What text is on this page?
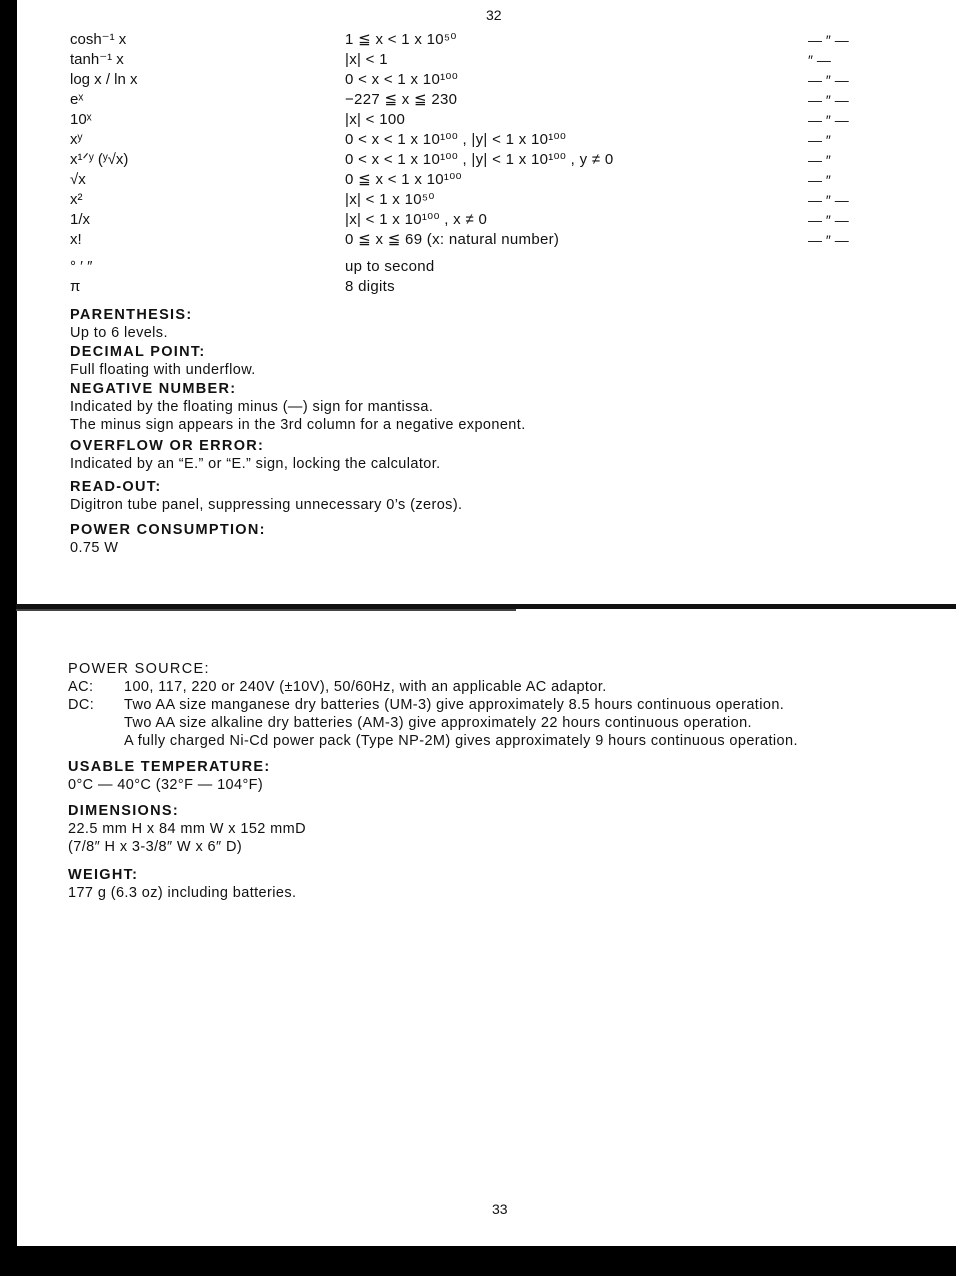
32
cosh⁻¹ x	1 ≦ x < 1 x 10⁵⁰	— ″ —
tanh⁻¹ x	|x| < 1	″ —
log x / ln x	0 < x < 1 x 10¹⁰⁰	— ″ —
eˣ	−227 ≦ x ≦ 230	— ″ —
10ˣ	|x| < 100	— ″ —
xʸ	0 < x < 1 x 10¹⁰⁰ , |y| < 1 x 10¹⁰⁰	— ″
x¹ᐟʸ (ʸ√x)	0 < x < 1 x 10¹⁰⁰ , |y| < 1 x 10¹⁰⁰ , y ≠ 0	— ″
√x	0 ≦ x < 1 x 10¹⁰⁰	— ″
x²	|x| < 1 x 10⁵⁰	— ″ —
1/x	|x| < 1 x 10¹⁰⁰ , x ≠ 0	— ″ —
x!	0 ≦ x ≦ 69 (x: natural number)	— ″ —
° ′ ″	up to second
π	8 digits
PARENTHESIS:
Up to 6 levels.
DECIMAL POINT:
Full floating with underflow.
NEGATIVE NUMBER:
Indicated by the floating minus (—) sign for mantissa.
The minus sign appears in the 3rd column for a negative exponent.
OVERFLOW OR ERROR:
Indicated by an “E.” or “E.” sign, locking the calculator.
READ-OUT:
Digitron tube panel, suppressing unnecessary 0’s (zeros).
POWER CONSUMPTION:
0.75 W
POWER SOURCE:
AC: 100, 117, 220 or 240V (±10V), 50/60Hz, with an applicable AC adaptor.
DC: Two AA size manganese dry batteries (UM-3) give approximately 8.5 hours continuous operation.
Two AA size alkaline dry batteries (AM-3) give approximately 22 hours continuous operation.
A fully charged Ni-Cd power pack (Type NP-2M) gives approximately 9 hours continuous operation.
USABLE TEMPERATURE:
0°C — 40°C (32°F — 104°F)
DIMENSIONS:
22.5 mm H x 84 mm W x 152 mmD
(7/8″ H x 3-3/8″ W x 6″ D)
WEIGHT:
177 g (6.3 oz) including batteries.
33
